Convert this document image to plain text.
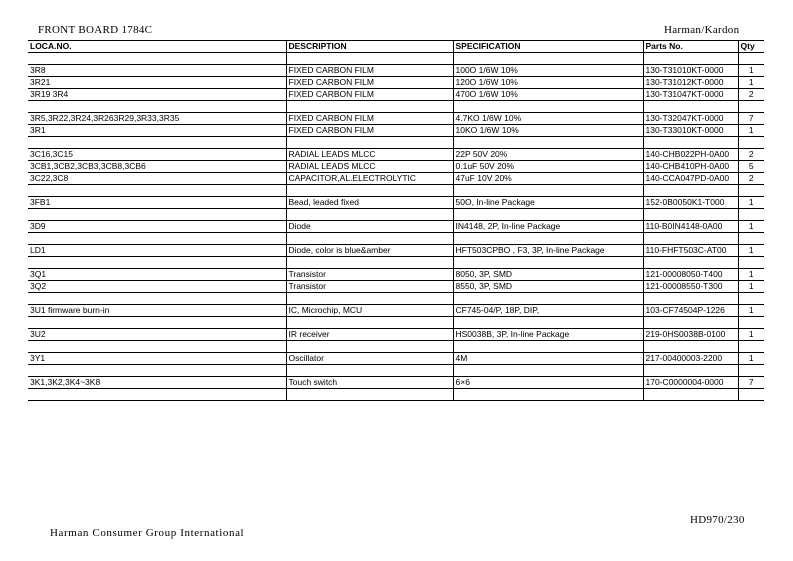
FRONT BOARD 1784C	Harman/Kardon
LOCA.NO.	DESCRIPTION	SPECIFICATION	Parts No.	Qty

3R8	FIXED CARBON FILM	100O 1/6W 10%	130-T31010KT-0000	1
3R21	FIXED CARBON FILM	120O 1/6W 10%	130-T31012KT-0000	1
3R19 3R4	FIXED CARBON FILM	470O 1/6W 10%	130-T31047KT-0000	2

3R5,3R22,3R24,3R263R29,3R33,3R35	FIXED CARBON FILM	4.7KO 1/6W 10%	130-T32047KT-0000	7
3R1	FIXED CARBON FILM	10KO 1/6W 10%	130-T33010KT-0000	1

3C16,3C15	RADIAL LEADS MLCC	22P 50V 20%	140-CHB022PH-0A00	2
3CB1,3CB2,3CB3,3CB8,3CB6	RADIAL LEADS MLCC	0.1uF 50V 20%	140-CHB410PH-0A00	5
3C22,3C8	CAPACITOR,AL.ELECTROLYTIC	47uF 10V 20%	140-CCA047PD-0A00	2

3FB1	Bead, leaded fixed	50O, In-line Package	152-0B0050K1-T000	1

3D9	Diode	IN4148, 2P, In-line Package	110-B0IN4148-0A00	1

LD1	Diode, color is blue&amber	HFT503CPBO , F3, 3P, In-line Package	110-FHFT503C-AT00	1

3Q1	Transistor	8050, 3P, SMD	121-00008050-T400	1
3Q2	Transistor	8550, 3P, SMD	121-00008550-T300	1

3U1 firmware burn-in	IC, Microchip, MCU	CF745-04/P, 18P, DIP,	103-CF74504P-1226	1

3U2	IR receiver	HS0038B, 3P, In-line Package	219-0HS0038B-0100	1

3Y1	Oscillator	4M	217-00400003-2200	1

3K1,3K2,3K4~3K8	Touch switch	6×6	170-C0000004-0000	7

HD970/230
Harman Consumer Group International
